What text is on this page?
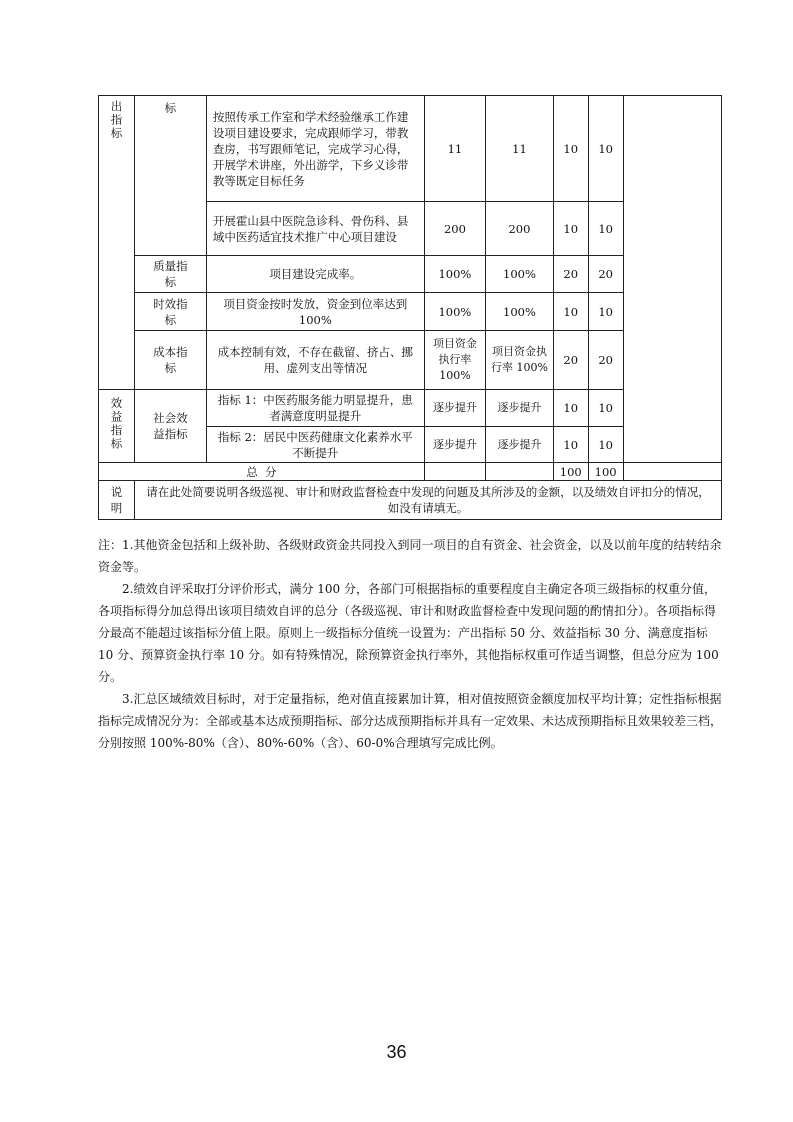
出指标	标	按照传承工作室和学术经验继承工作建设项目建设要求，完成跟师学习，带教查房，书写跟师笔记，完成学习心得，开展学术讲座，外出游学，下乡义诊带教等既定目标任务	11	11	10	10	
		开展霍山县中医院急诊科、骨伤科、县域中医药适宜技术推广中心项目建设	200	200	10	10	
	质量指标	项目建设完成率。	100%	100%	20	20	
	时效指标	项目资金按时发放，资金到位率达到 100%	100%	100%	10	10	
	成本指标	成本控制有效，不存在截留、挤占、挪用、虚列支出等情况	项目资金执行率 100%	项目资金执行率 100%	20	20	
效益指标	社会效益指标	指标 1：中医药服务能力明显提升，患者满意度明显提升	逐步提升	逐步提升	10	10	
		指标 2：居民中医药健康文化素养水平不断提升	逐步提升	逐步提升	10	10	
总  分					100	100	
说明	请在此处简要说明各级巡视、审计和财政监督检查中发现的问题及其所涉及的金额，以及绩效自评扣分的情况，如没有请填无。						

注：1.其他资金包括和上级补助、各级财政资金共同投入到同一项目的自有资金、社会资金，以及以前年度的结转结余资金等。

2.绩效自评采取打分评价形式，满分 100 分，各部门可根据指标的重要程度自主确定各项三级指标的权重分值，各项指标得分加总得出该项目绩效自评的总分（各级巡视、审计和财政监督检查中发现问题的酌情扣分）。各项指标得分最高不能超过该指标分值上限。原则上一级指标分值统一设置为：产出指标 50 分、效益指标 30 分、满意度指标 10 分、预算资金执行率 10 分。如有特殊情况，除预算资金执行率外，其他指标权重可作适当调整，但总分应为 100 分。

3.汇总区域绩效目标时，对于定量指标，绝对值直接累加计算，相对值按照资金额度加权平均计算；定性指标根据指标完成情况分为：全部或基本达成预期指标、部分达成预期指标并具有一定效果、未达成预期指标且效果较差三档，分别按照 100%-80%（含）、80%-60%（含）、60-0%合理填写完成比例。

36
